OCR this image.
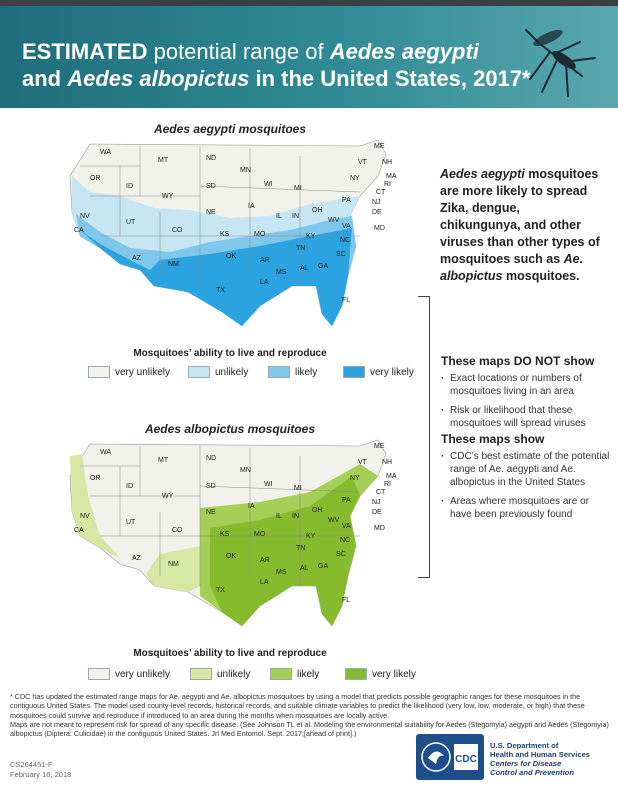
ESTIMATED potential range of Aedes aegypti
and Aedes albopictus in the United States, 2017*
Aedes aegypti mosquitoes
WA
MT	ND
MN
ME
VT NH
MA
RI
CT
NJ
DE
MD
OR
ID	SD	WI
MI
NY
PA
WY
NE
IA
IL IN
OH
WV
VA
NV
UT
CO
KS	MO	KY
NC
CA
AZ
NM
OK
AR
TN
SC
MS
AL GA
TX
LA
FL
Mosquitoes’ ability to live and reproduce
very unlikely	unlikely	likely	very likely
Aedes albopictus mosquitoes
WA
MT	ND
MN
ME
VT NH
MA
RI
CT
NJ
DE
MD
OR
ID	SD	WI
MI
NY
PA
WY
NE
IA
IL IN
OH
WV
VA
NV
UT
CO
KS	MO	KY
NC
CA
AZ
NM
OK
AR
TN
SC
MS
AL GA
TX
LA
FL
Mosquitoes’ ability to live and reproduce
very unlikely	unlikely	likely	very likely
Aedes aegypti mosquitoes are more likely to spread Zika, dengue, chikungunya, and other viruses than other types of mosquitoes such as Ae. albopictus mosquitoes.
These maps DO NOT show
· Exact locations or numbers of mosquitoes living in an area
· Risk or likelihood that these mosquitoes will spread viruses
These maps show
· CDC’s best estimate of the potential range of Ae. aegypti and Ae. albopictus in the United States
· Areas where mosquitoes are or have been previously found
* CDC has updated the estimated range maps for Ae. aegypti and Ae. albopictus mosquitoes by using a model that predicts possible geographic ranges for these mosquitoes in the contiguous United States. The model used county-level records, historical records, and suitable climate variables to predict the likelihood (very low, low, moderate, or high) that these mosquitoes could survive and reproduce if introduced to an area during the months when mosquitoes are locally active.
Maps are not meant to represent risk for spread of any specific disease. (See Johnson TL et al. Modeling the environmental suitability for Aedes (Stegomyia) aegypti and Aedes (Stegomyia) albopictus (Diptera: Culicidae) in the contiguous United States. Jrl Med Entomol. Sept. 2017;[ahead of print].)
CS264451-F
February 16, 2018
CDC
U.S. Department of
Health and Human Services
Centers for Disease
Control and Prevention
